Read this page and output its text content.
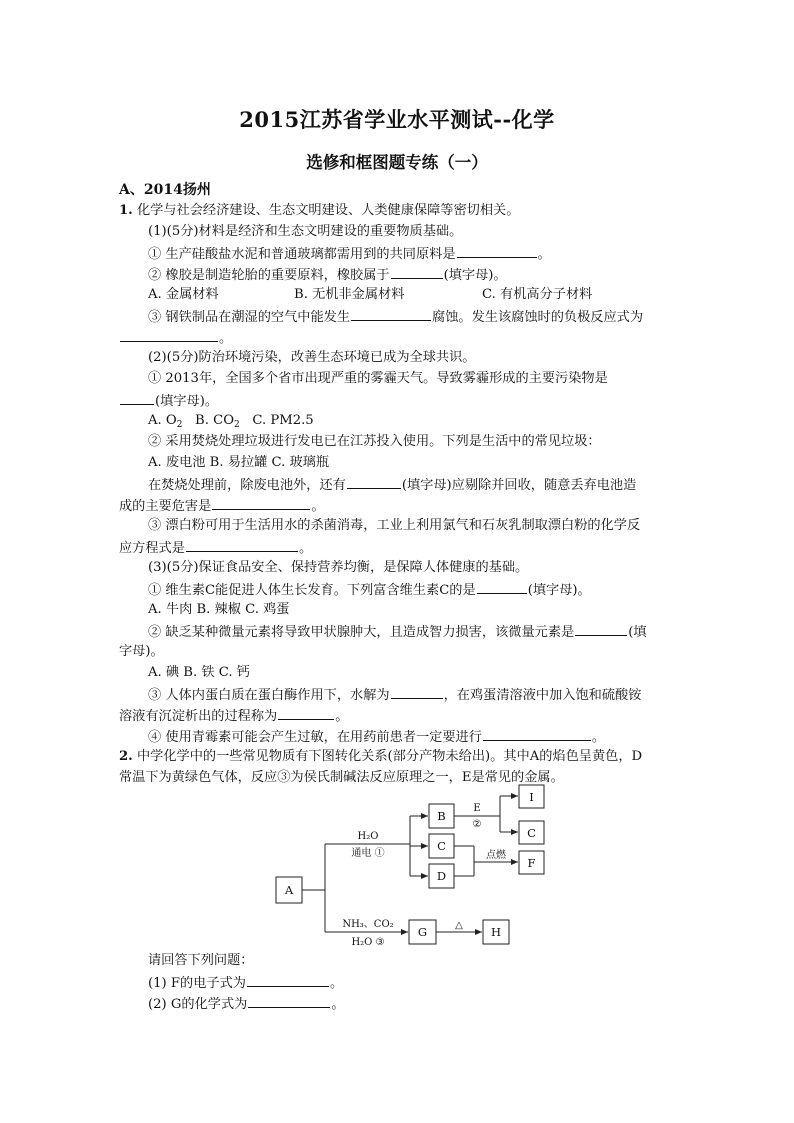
2015江苏省学业水平测试--化学
选修和框图题专练（一）
A、2014扬州
1. 化学与社会经济建设、生态文明建设、人类健康保障等密切相关。
(1)(5分)材料是经济和生态文明建设的重要物质基础。
① 生产硅酸盐水泥和普通玻璃都需用到的共同原料是	。
② 橡胶是制造轮胎的重要原料，橡胶属于	(填字母)。
A. 金属材料	B. 无机非金属材料	C. 有机高分子材料
③ 钢铁制品在潮湿的空气中能发生	腐蚀。发生该腐蚀时的负极反应式为
。
(2)(5分)防治环境污染，改善生态环境已成为全球共识。
① 2013年，全国多个省市出现严重的雾霾天气。导致雾霾形成的主要污染物是
(填字母)。
A. $O_2$ B. $CO_2$ C. PM2.5
② 采用焚烧处理垃圾进行发电已在江苏投入使用。下列是生活中的常见垃圾：
A. 废电池 B. 易拉罐 C. 玻璃瓶
在焚烧处理前，除废电池外，还有	(填字母)应剔除并回收，随意丢弃电池造
成的主要危害是	。
③ 漂白粉可用于生活用水的杀菌消毒，工业上利用氯气和石灰乳制取漂白粉的化学反
应方程式是	。
(3)(5分)保证食品安全、保持营养均衡，是保障人体健康的基础。
① 维生素C能促进人体生长发育。下列富含维生素C的是	(填字母)。
A. 牛肉 B. 辣椒 C. 鸡蛋
② 缺乏某种微量元素将导致甲状腺肿大，且造成智力损害，该微量元素是	(填
字母)。
A. 碘 B. 铁 C. 钙
③ 人体内蛋白质在蛋白酶作用下，水解为	，在鸡蛋清溶液中加入饱和硫酸铵
溶液有沉淀析出的过程称为	。
④ 使用青霉素可能会产生过敏，在用药前患者一定要进行	。
2. 中学化学中的一些常见物质有下图转化关系(部分产物未给出)。其中A的焰色呈黄色，D
常温下为黄绿色气体，反应③为侯氏制碱法反应原理之一，E是常见的金属。
A
B
C
D
I
C
F
G	H
H₂O
通电 ①
E
②
点燃
NH₃、CO₂
H₂O ③
△
请回答下列问题：
(1) F的电子式为	。
(2) G的化学式为	。
